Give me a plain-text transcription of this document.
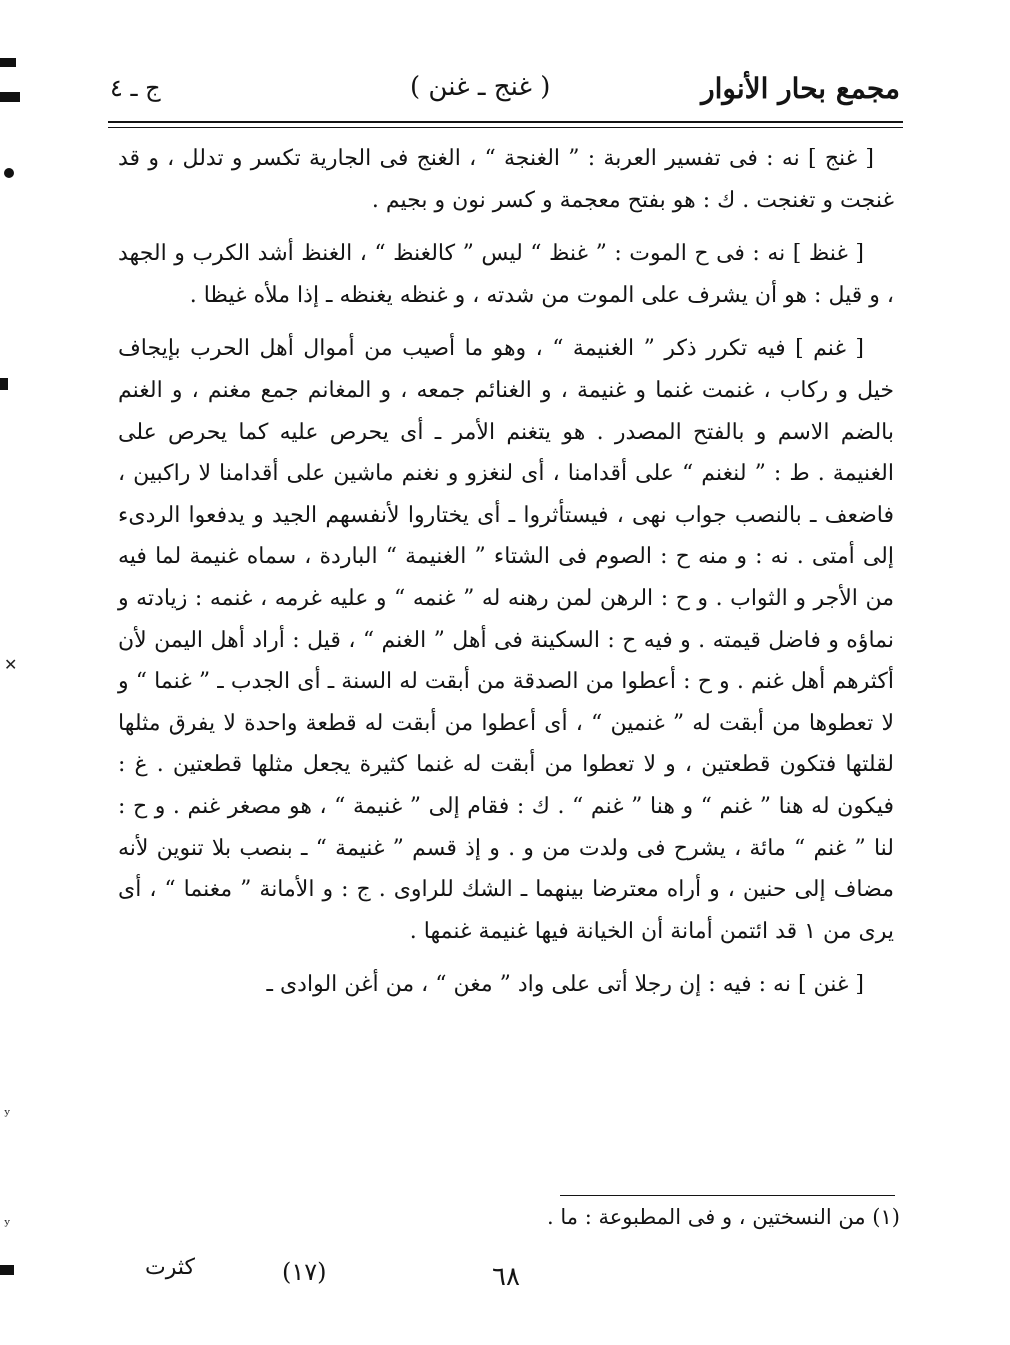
✕
ʸ
ʸ
مجمع بحار الأنوار
( غنج ـ غنن )
ج ـ ٤

[ غنج ] نه : فى تفسير العربة : ” الغنجة “ ، الغنج فى الجارية تكسر و تدلل ، و قد غنجت و تغنجت . ك : هو بفتح معجمة و كسر نون و بجيم .

[ غنظ ] نه : فى ح الموت : ” غنظ “ ليس ” كالغنظ “ ، الغنظ أشد الكرب و الجهد ، و قيل : هو أن يشرف على الموت من شدته ، و غنظه يغنظه ـ إذا ملأه غيظا .

[ غنم ] فيه تكرر ذكر ” الغنيمة “ ، وهو ما أصيب من أموال أهل الحرب بإيجاف خيل و ركاب ، غنمت غنما و غنيمة ، و الغنائم جمعه ، و المغانم جمع مغنم ، و الغنم بالضم الاسم و بالفتح المصدر . هو يتغنم الأمر ـ أى يحرص عليه كما يحرص على الغنيمة . ط : ” لنغنم “ على أقدامنا ، أى لنغزو و نغنم ماشين على أقدامنا لا راكبين ، فاضعف ـ بالنصب جواب نهى ، فيستأثروا ـ أى يختاروا لأنفسهم الجيد و يدفعوا الردىء إلى أمتى . نه : و منه ح : الصوم فى الشتاء ” الغنيمة “ الباردة ، سماه غنيمة لما فيه من الأجر و الثواب . و ح : الرهن لمن رهنه له ” غنمه “ و عليه غرمه ، غنمه : زيادته و نماؤه و فاضل قيمته . و فيه ح : السكينة فى أهل ” الغنم “ ، قيل : أراد أهل اليمن لأن أكثرهم أهل غنم . و ح : أعطوا من الصدقة من أبقت له السنة ـ أى الجدب ـ ” غنما “ و لا تعطوها من أبقت له ” غنمين “ ، أى أعطوا من أبقت له قطعة واحدة لا يفرق مثلها لقلتها فتكون قطعتين ، و لا تعطوا من أبقت له غنما كثيرة يجعل مثلها قطعتين . غ : فيكون له هنا ” غنم “ و هنا ” غنم “ . ك : فقام إلى ” غنيمة “ ، هو مصغر غنم . و ح : لنا ” غنم “ مائة ، يشرح فى ولدت من و . و إذ قسم ” غنيمة “ ـ بنصب بلا تنوين لأنه مضاف إلى حنين ، و أراه معترضا بينهما ـ الشك للراوى . ج : و الأمانة ” مغنما “ ، أى يرى من ١ قد ائتمن أمانة أن الخيانة فيها غنيمة غنمها .

[ غنن ] نه : فيه : إن رجلا أتى على واد ” مغن “ ، من أغن الوادى ـ

(١) من النسختين ، و فى المطبوعة : ما .
كثرت	(١٧)	٦٨
